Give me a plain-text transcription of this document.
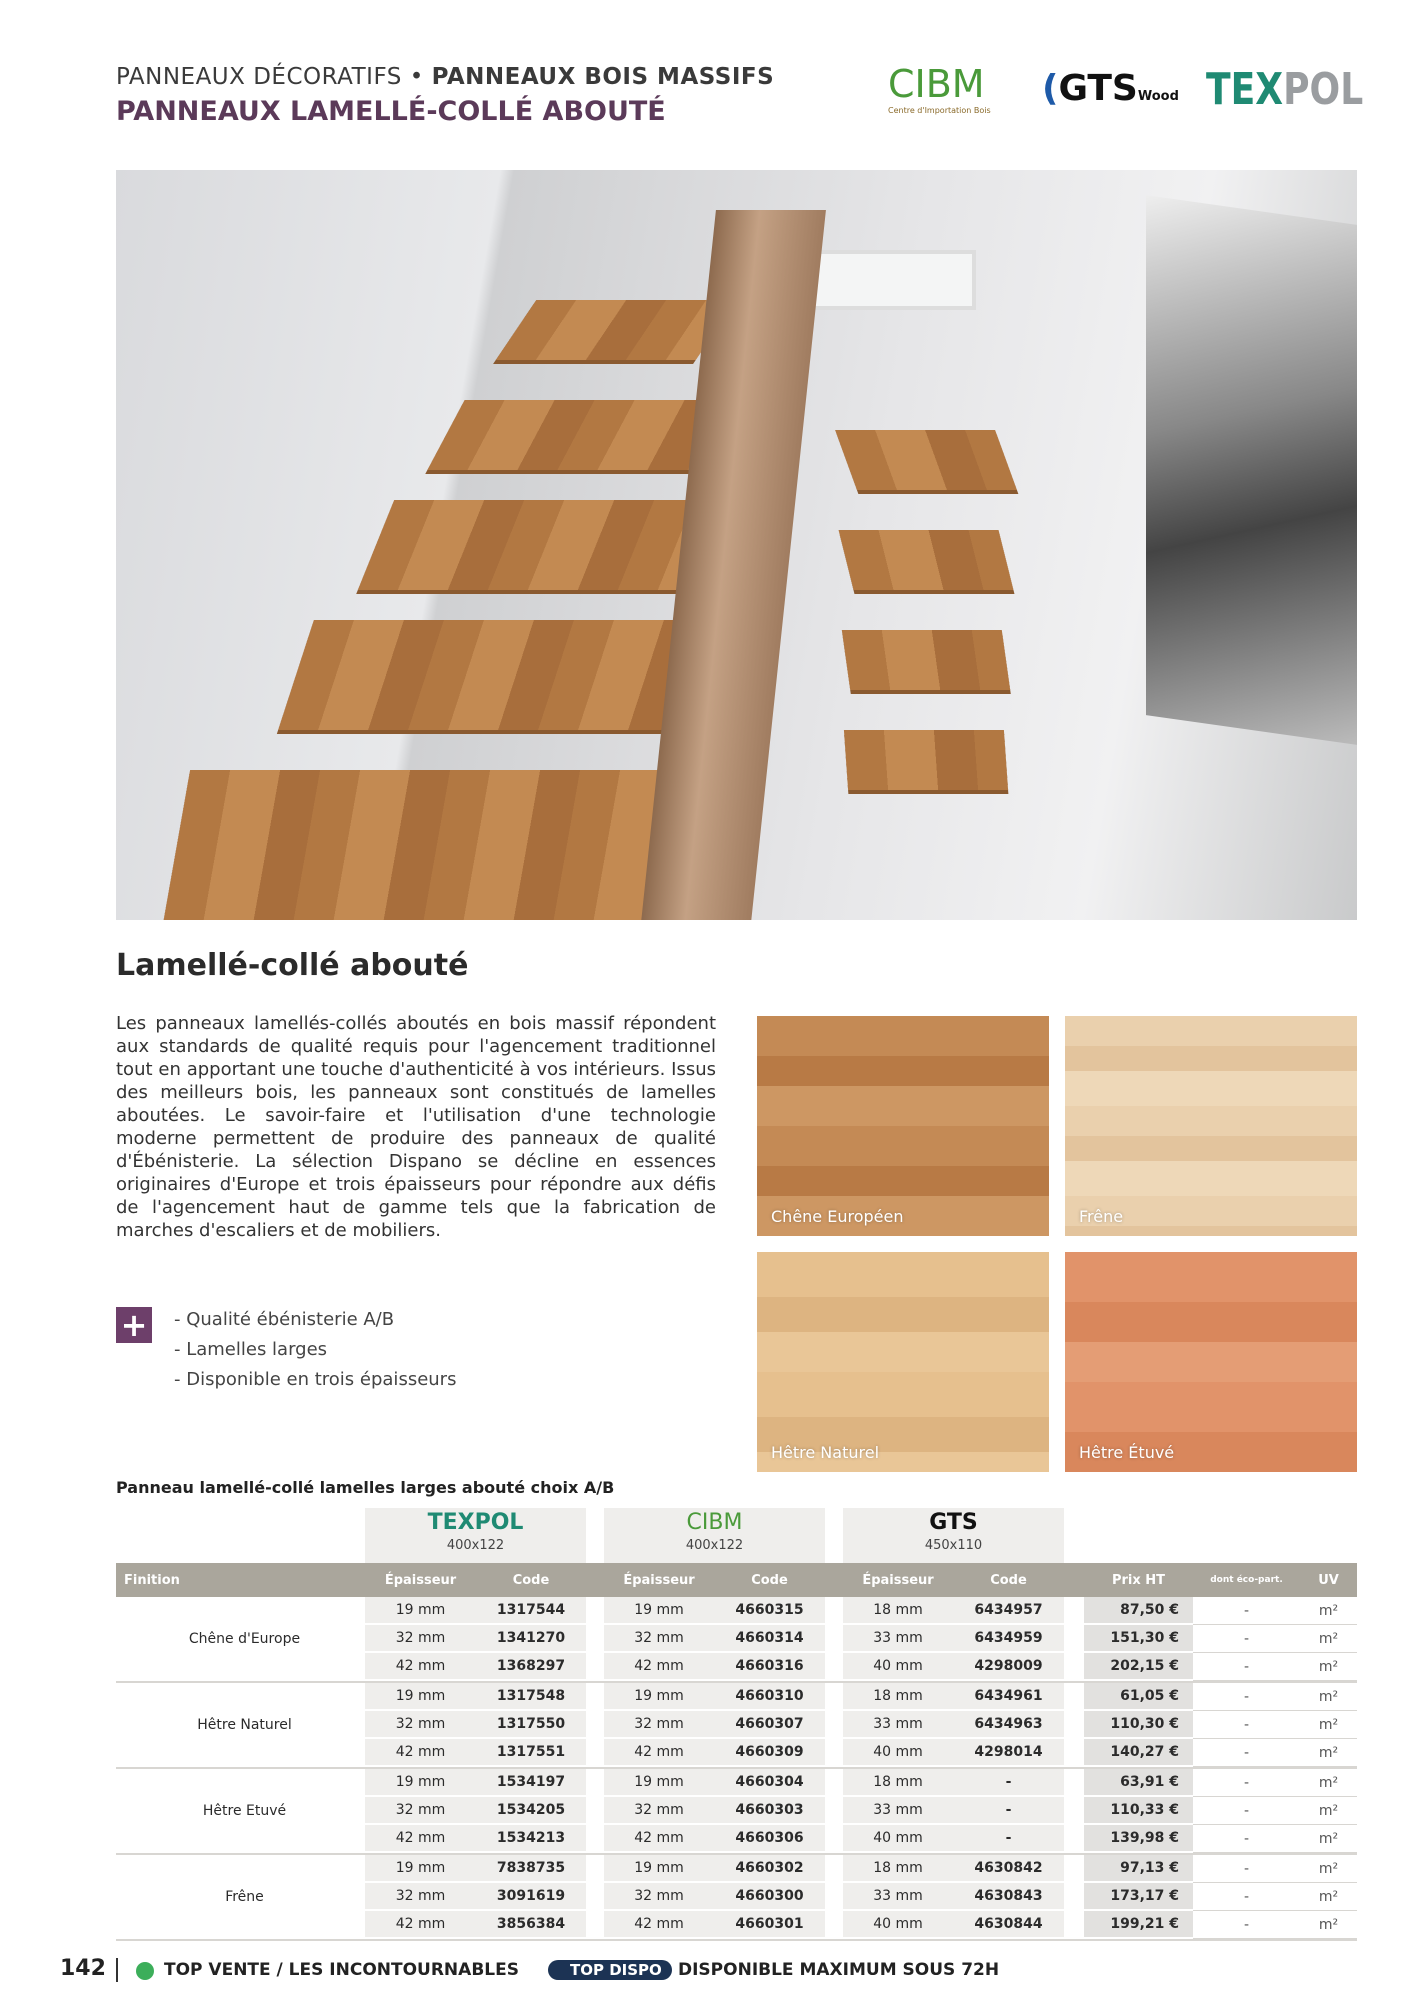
PANNEAUX DÉCORATIFS • PANNEAUX BOIS MASSIFS
PANNEAUX LAMELLÉ-COLLÉ ABOUTÉ
CIBM
Centre d'Importation Bois
(GTSWood TEXPOL
Lamellé-collé abouté
Les panneaux lamellés-collés aboutés en bois massif répondent aux standards de qualité requis pour l'agencement traditionnel tout en apportant une touche d'authenticité à vos intérieurs. Issus des meilleurs bois, les panneaux sont constitués de lamelles aboutées. Le savoir-faire et l'utilisation d'une technologie moderne permettent de produire des panneaux de qualité d'Ébénisterie. La sélection Dispano se décline en essences originaires d'Europe et trois épaisseurs pour répondre aux défis de l'agencement haut de gamme tels que la fabrication de marches d'escaliers et de mobiliers.
+ - Qualité ébénisterie A/B
- Lamelles larges
- Disponible en trois épaisseurs
Chêne Européen	Frêne
Hêtre Naturel	Hêtre Étuvé
Panneau lamellé-collé lamelles larges abouté choix A/B
TEXPOL
400x122
CIBM
400x122
GTS
450x110
Finition	Épaisseur	Code	Épaisseur	Code	Épaisseur	Code	Prix HT	dont éco-part.	UV
Chêne d'Europe
19 mm	1317544	19 mm	4660315	18 mm	6434957	87,50 €	-	m²
32 mm	1341270	32 mm	4660314	33 mm	6434959	151,30 €	-	m²
42 mm	1368297	42 mm	4660316	40 mm	4298009	202,15 €	-	m²
Hêtre Naturel
19 mm	1317548	19 mm	4660310	18 mm	6434961	61,05 €	-	m²
32 mm	1317550	32 mm	4660307	33 mm	6434963	110,30 €	-	m²
42 mm	1317551	42 mm	4660309	40 mm	4298014	140,27 €	-	m²
Hêtre Etuvé
19 mm	1534197	19 mm	4660304	18 mm	-	63,91 €	-	m²
32 mm	1534205	32 mm	4660303	33 mm	-	110,33 €	-	m²
42 mm	1534213	42 mm	4660306	40 mm	-	139,98 €	-	m²
Frêne
19 mm	7838735	19 mm	4660302	18 mm	4630842	97,13 €	-	m²
32 mm	3091619	32 mm	4660300	33 mm	4630843	173,17 €	-	m²
42 mm	3856384	42 mm	4660301	40 mm	4630844	199,21 €	-	m²
142	TOP VENTE / LES INCONTOURNABLES	TOP DISPO DISPONIBLE MAXIMUM SOUS 72H
